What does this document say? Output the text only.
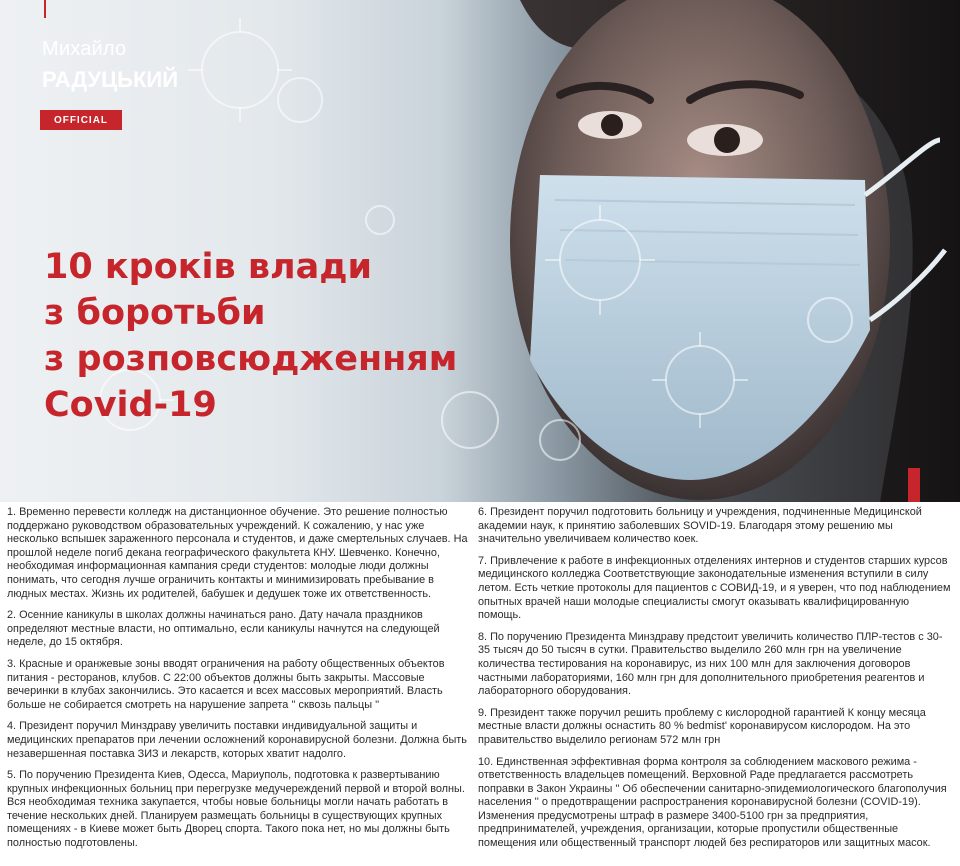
Михайло
РАДУЦЬКИЙ
OFFICIAL
10 кроків влади
з боротьби
з розповсюдженням
Covid-19

1. Временно перевести колледж на дистанционное обучение. Это решение полностью поддержано руководством образовательных учреждений. К сожалению, у нас уже несколько вспышек зараженного персонала и студентов, и даже смертельных случаев. На прошлой неделе погиб декана географического факультета КНУ. Шевченко. Конечно, необходимая информационная кампания среди студентов: молодые люди должны понимать, что сегодня лучше ограничить контакты и минимизировать пребывание в людных местах. Жизнь их родителей, бабушек и дедушек тоже их ответственность.

2. Осенние каникулы в школах должны начинаться рано. Дату начала праздников определяют местные власти, но оптимально, если каникулы начнутся на следующей неделе, до 15 октября.

3. Красные и оранжевые зоны вводят ограничения на работу общественных объектов питания - ресторанов, клубов. С 22:00 объектов должны быть закрыты. Массовые вечеринки в клубах закончились. Это касается и всех массовых мероприятий. Власть больше не собирается смотреть на нарушение запрета '' сквозь пальцы ''

4. Президент поручил Минздраву увеличить поставки индивидуальной защиты и медицинских препаратов при лечении осложнений коронавирусной болезни. Должна быть незавершенная поставка ЗИЗ и лекарств, которых хватит надолго.

5. По поручению Президента Киев, Одесса, Мариуполь, подготовка к развертыванию крупных инфекционных больниц при перегрузке медучереждений первой и второй волны. Вся необходимая техника закупается, чтобы новые больницы могли начать работать в течение нескольких дней. Планируем размещать больницы в существующих крупных помещениях - в Киеве может быть Дворец спорта. Такого пока нет, но мы должны быть полностью подготовлены.

6. Президент поручил подготовить больницу и учреждения, подчиненные Медицинской академии наук, к принятию заболевших SOVID-19. Благодаря этому решению мы значительно увеличиваем количество коек.

7. Привлечение к работе в инфекционных отделениях интернов и студентов старших курсов медицинского колледжа Соответствующие законодательные изменения вступили в силу летом. Есть четкие протоколы для пациентов с СОВИД-19, и я уверен, что под наблюдением опытных врачей наши молодые специалисты смогут оказывать квалифицированную помощь.

8. По поручению Президента Минздраву предстоит увеличить количество ПЛР-тестов с 30-35 тысяч до 50 тысяч в сутки. Правительство выделило 260 млн грн на увеличение количества тестирования на коронавирус, из них 100 млн для заключения договоров частными лабораториями, 160 млн грн для дополнительного приобретения реагентов и лабораторного оборудования.

9. Президент также поручил решить проблему с кислородной гарантией К концу месяца местные власти должны оснастить 80 % bedmist' коронавирусом кислородом. На это правительство выделило регионам 572 млн грн

10. Единственная эффективная форма контроля за соблюдением маскового режима - ответственность владельцев помещений. Верховной Раде предлагается рассмотреть поправки в Закон Украины '' Об обеспечении санитарно-эпидемиологического благополучия населения '' о предотвращении распространения коронавирусной болезни (COVID-19). Изменения предусмотрены штраф в размере 3400-5100 грн за предприятия, предпринимателей, учреждения, организации, которые пропустили общественные помещения или общественный транспорт людей без респираторов или защитных масок.
